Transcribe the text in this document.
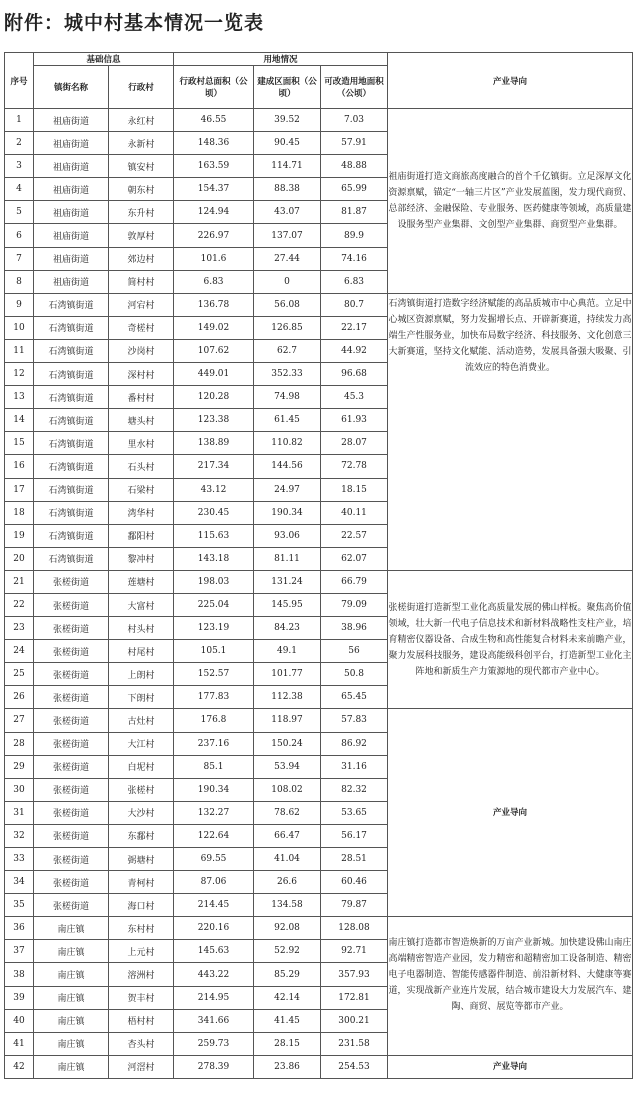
附件：城中村基本情况一览表
序号	基础信息		用地情况			产业导向
	镇街名称	行政村	行政村总面积（公顷）	建成区面积（公顷）	可改造用地面积（公顷）	
1	祖庙街道	永红村	46.55	39.52	7.03	祖庙街道打造文商旅高度融合的首个千亿镇街。立足深厚文化资源禀赋，锚定“一轴三片区”产业发展蓝图，发力现代商贸、总部经济、金融保险、专业服务、医药健康等领域，高质量建设服务型产业集群、文创型产业集群、商贸型产业集群。
2	祖庙街道	永新村	148.36	90.45	57.91	
3	祖庙街道	镇安村	163.59	114.71	48.88	
4	祖庙街道	朝东村	154.37	88.38	65.99	
5	祖庙街道	东升村	124.94	43.07	81.87	
6	祖庙街道	敦厚村	226.97	137.07	89.9	
7	祖庙街道	郊边村	101.6	27.44	74.16	
8	祖庙街道	简村村	6.83	0	6.83	
9	石湾镇街道	河宕村	136.78	56.08	80.7	石湾镇街道打造数字经济赋能的高品质城市中心典范。立足中心城区资源禀赋，努力发掘增长点、开辟新赛道，持续发力高端生产性服务业，加快布局数字经济、科技服务、文化创意三大新赛道，坚持文化赋能、活动造势，发展具备强大吸聚、引流效应的特色消费业。
10	石湾镇街道	奇槎村	149.02	126.85	22.17	
11	石湾镇街道	沙岗村	107.62	62.7	44.92	
12	石湾镇街道	深村村	449.01	352.33	96.68	
13	石湾镇街道	番村村	120.28	74.98	45.3	
14	石湾镇街道	塘头村	123.38	61.45	61.93	
15	石湾镇街道	里水村	138.89	110.82	28.07	
16	石湾镇街道	石头村	217.34	144.56	72.78	
17	石湾镇街道	石梁村	43.12	24.97	18.15	
18	石湾镇街道	湾华村	230.45	190.34	40.11	
19	石湾镇街道	鄱阳村	115.63	93.06	22.57	
20	石湾镇街道	黎冲村	143.18	81.11	62.07	
21	张槎街道	莲塘村	198.03	131.24	66.79	张槎街道打造新型工业化高质量发展的佛山样板。聚焦高价值领域，壮大新一代电子信息技术和新材料战略性支柱产业，培育精密仪器设备、合成生物和高性能复合材料未来前瞻产业，聚力发展科技服务，建设高能级科创平台，打造新型工业化主阵地和新质生产力策源地的现代都市产业中心。
22	张槎街道	大富村	225.04	145.95	79.09	
23	张槎街道	村头村	123.19	84.23	38.96	
24	张槎街道	村尾村	105.1	49.1	56	
25	张槎街道	上朗村	152.57	101.77	50.8	
26	张槎街道	下朗村	177.83	112.38	65.45	
27	张槎街道	古灶村	176.8	118.97	57.83	产业导向
28	张槎街道	大江村	237.16	150.24	86.92	
29	张槎街道	白坭村	85.1	53.94	31.16	
30	张槎街道	张槎村	190.34	108.02	82.32	
31	张槎街道	大沙村	132.27	78.62	53.65	
32	张槎街道	东鄱村	122.64	66.47	56.17	
33	张槎街道	弼塘村	69.55	41.04	28.51	
34	张槎街道	青柯村	87.06	26.6	60.46	
35	张槎街道	海口村	214.45	134.58	79.87	
36	南庄镇	东村村	220.16	92.08	128.08	南庄镇打造都市智造焕新的万亩产业新城。加快建设佛山南庄高端精密智造产业园，发力精密和超精密加工设备制造、精密电子电器制造、智能传感器件制造、前沿新材料、大健康等赛道，实现战新产业连片发展，结合城市建设大力发展汽车、建陶、商贸、展览等都市产业。
37	南庄镇	上元村	145.63	52.92	92.71	
38	南庄镇	溶洲村	443.22	85.29	357.93	
39	南庄镇	贺丰村	214.95	42.14	172.81	
40	南庄镇	梧村村	341.66	41.45	300.21	
41	南庄镇	杏头村	259.73	28.15	231.58	
42	南庄镇	河滘村	278.39	23.86	254.53	产业导向
